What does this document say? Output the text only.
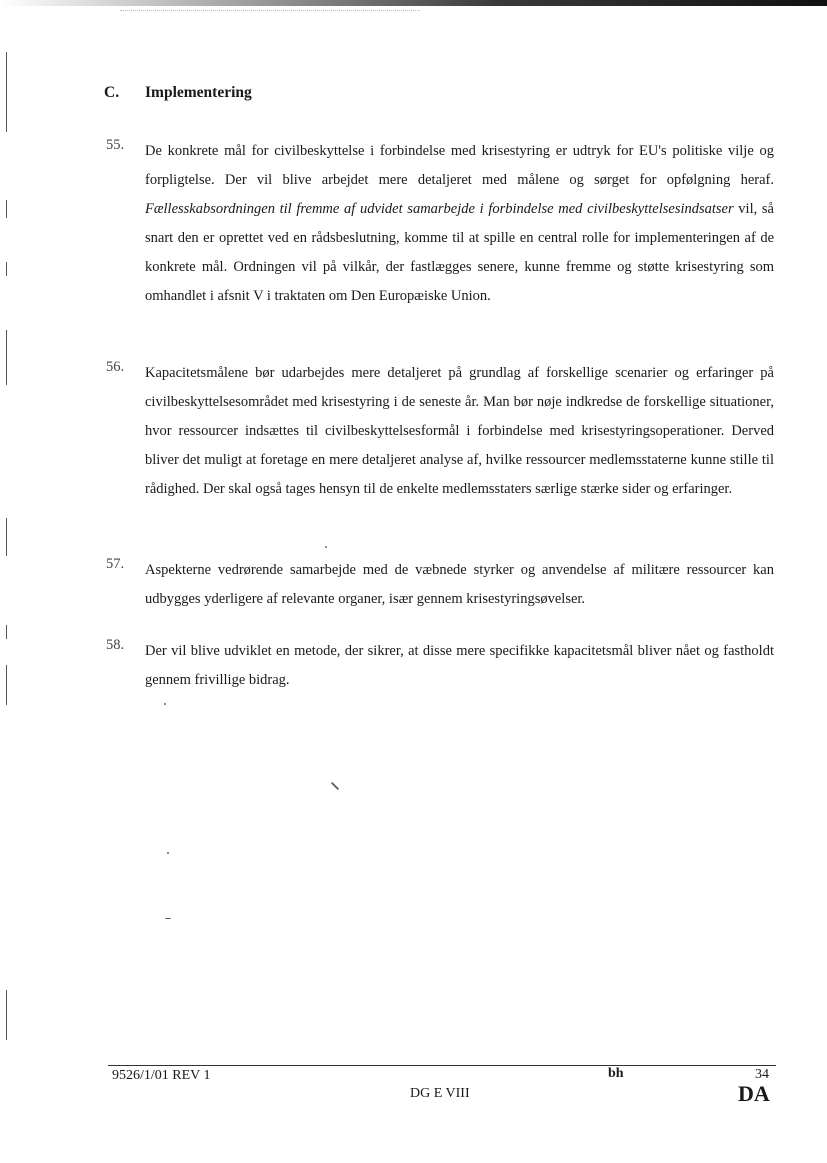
C. Implementering
55. De konkrete mål for civilbeskyttelse i forbindelse med krisestyring er udtryk for EU's politiske vilje og forpligtelse. Der vil blive arbejdet mere detaljeret med målene og sørget for opfølgning heraf. Fællesskabsordningen til fremme af udvidet samarbejde i forbindelse med civilbeskyttelsesindsatser vil, så snart den er oprettet ved en rådsbeslutning, komme til at spille en central rolle for implementeringen af de konkrete mål. Ordningen vil på vilkår, der fastlægges senere, kunne fremme og støtte krisestyring som omhandlet i afsnit V i traktaten om Den Europæiske Union.
56. Kapacitetsmålene bør udarbejdes mere detaljeret på grundlag af forskellige scenarier og erfaringer på civilbeskyttelsesområdet med krisestyring i de seneste år. Man bør nøje indkredse de forskellige situationer, hvor ressourcer indsættes til civilbeskyttelsesformål i forbindelse med krisestyringsoperationer. Derved bliver det muligt at foretage en mere detaljeret analyse af, hvilke ressourcer medlemsstaterne kunne stille til rådighed. Der skal også tages hensyn til de enkelte medlemsstaters særlige stærke sider og erfaringer.
57. Aspekterne vedrørende samarbejde med de væbnede styrker og anvendelse af militære ressourcer kan udbygges yderligere af relevante organer, især gennem krisestyringsøvelser.
58. Der vil blive udviklet en metode, der sikrer, at disse mere specifikke kapacitetsmål bliver nået og fastholdt gennem frivillige bidrag.
9526/1/01 REV 1	bh	34
DG E VIII	DA
